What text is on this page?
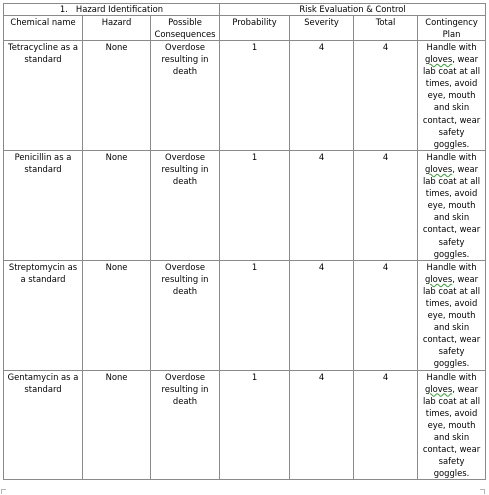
1. Hazard Identification			Risk Evaluation & Control			
Chemical name	Hazard	Possible Consequences	Probability	Severity	Total	Contingency Plan
Tetracycline as a standard	None	Overdose resulting in death	1	4	4	Handle with gloves, wear lab coat at all times, avoid eye, mouth and skin contact, wear safety goggles.
Penicillin as a standard	None	Overdose resulting in death	1	4	4	Handle with gloves, wear lab coat at all times, avoid eye, mouth and skin contact, wear safety goggles.
Streptomycin as a standard	None	Overdose resulting in death	1	4	4	Handle with gloves, wear lab coat at all times, avoid eye, mouth and skin contact, wear safety goggles.
Gentamycin as a standard	None	Overdose resulting in death	1	4	4	Handle with gloves, wear lab coat at all times, avoid eye, mouth and skin contact, wear safety goggles.
